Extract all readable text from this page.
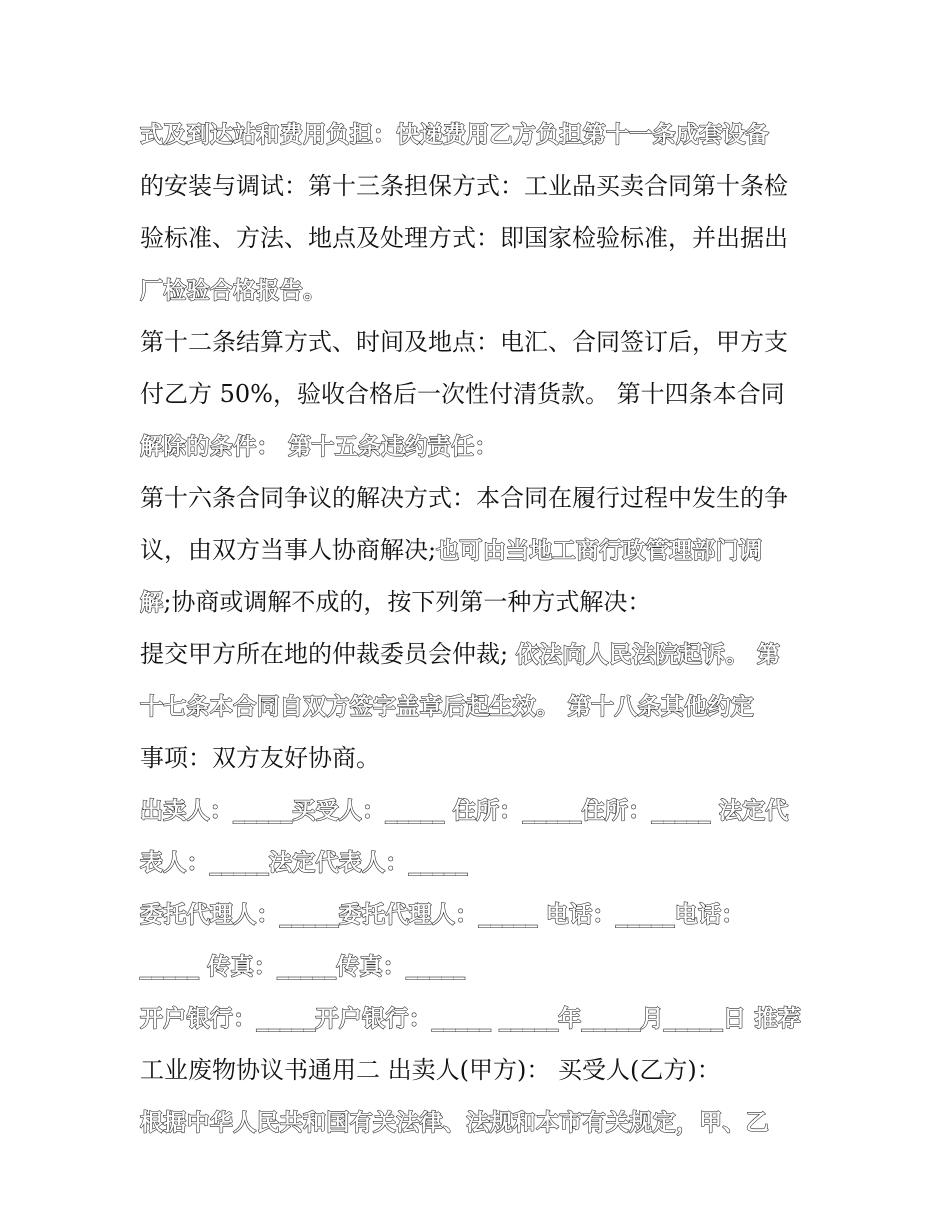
式及到达站和费用负担：快递费用乙方负担第十一条成套设备
的安装与调试：第十三条担保方式：工业品买卖合同第十条检
验标准、方法、地点及处理方式：即国家检验标准，并出据出
厂检验合格报告。
第十二条结算方式、时间及地点：电汇、合同签订后，甲方支
付乙方 50%，验收合格后一次性付清货款。 第十四条本合同
解除的条件： 第十五条违约责任：
第十六条合同争议的解决方式：本合同在履行过程中发生的争
议，由双方当事人协商解决;也可由当地工商行政管理部门调
解;协商或调解不成的，按下列第一种方式解决：
提交甲方所在地的仲裁委员会仲裁; 依法向人民法院起诉。 第
十七条本合同自双方签字盖章后起生效。 第十八条其他约定
事项：双方友好协商。
出卖人：_____买受人：_____ 住所：_____住所：_____ 法定代
表人：_____法定代表人：_____
委托代理人：_____委托代理人：_____ 电话：_____电话：
_____ 传真：_____传真：_____
开户银行：_____开户银行：_____ _____年_____月_____日 推荐
工业废物协议书通用二 出卖人(甲方)： 买受人(乙方)：
根据中华人民共和国有关法律、法规和本市有关规定，甲、乙
